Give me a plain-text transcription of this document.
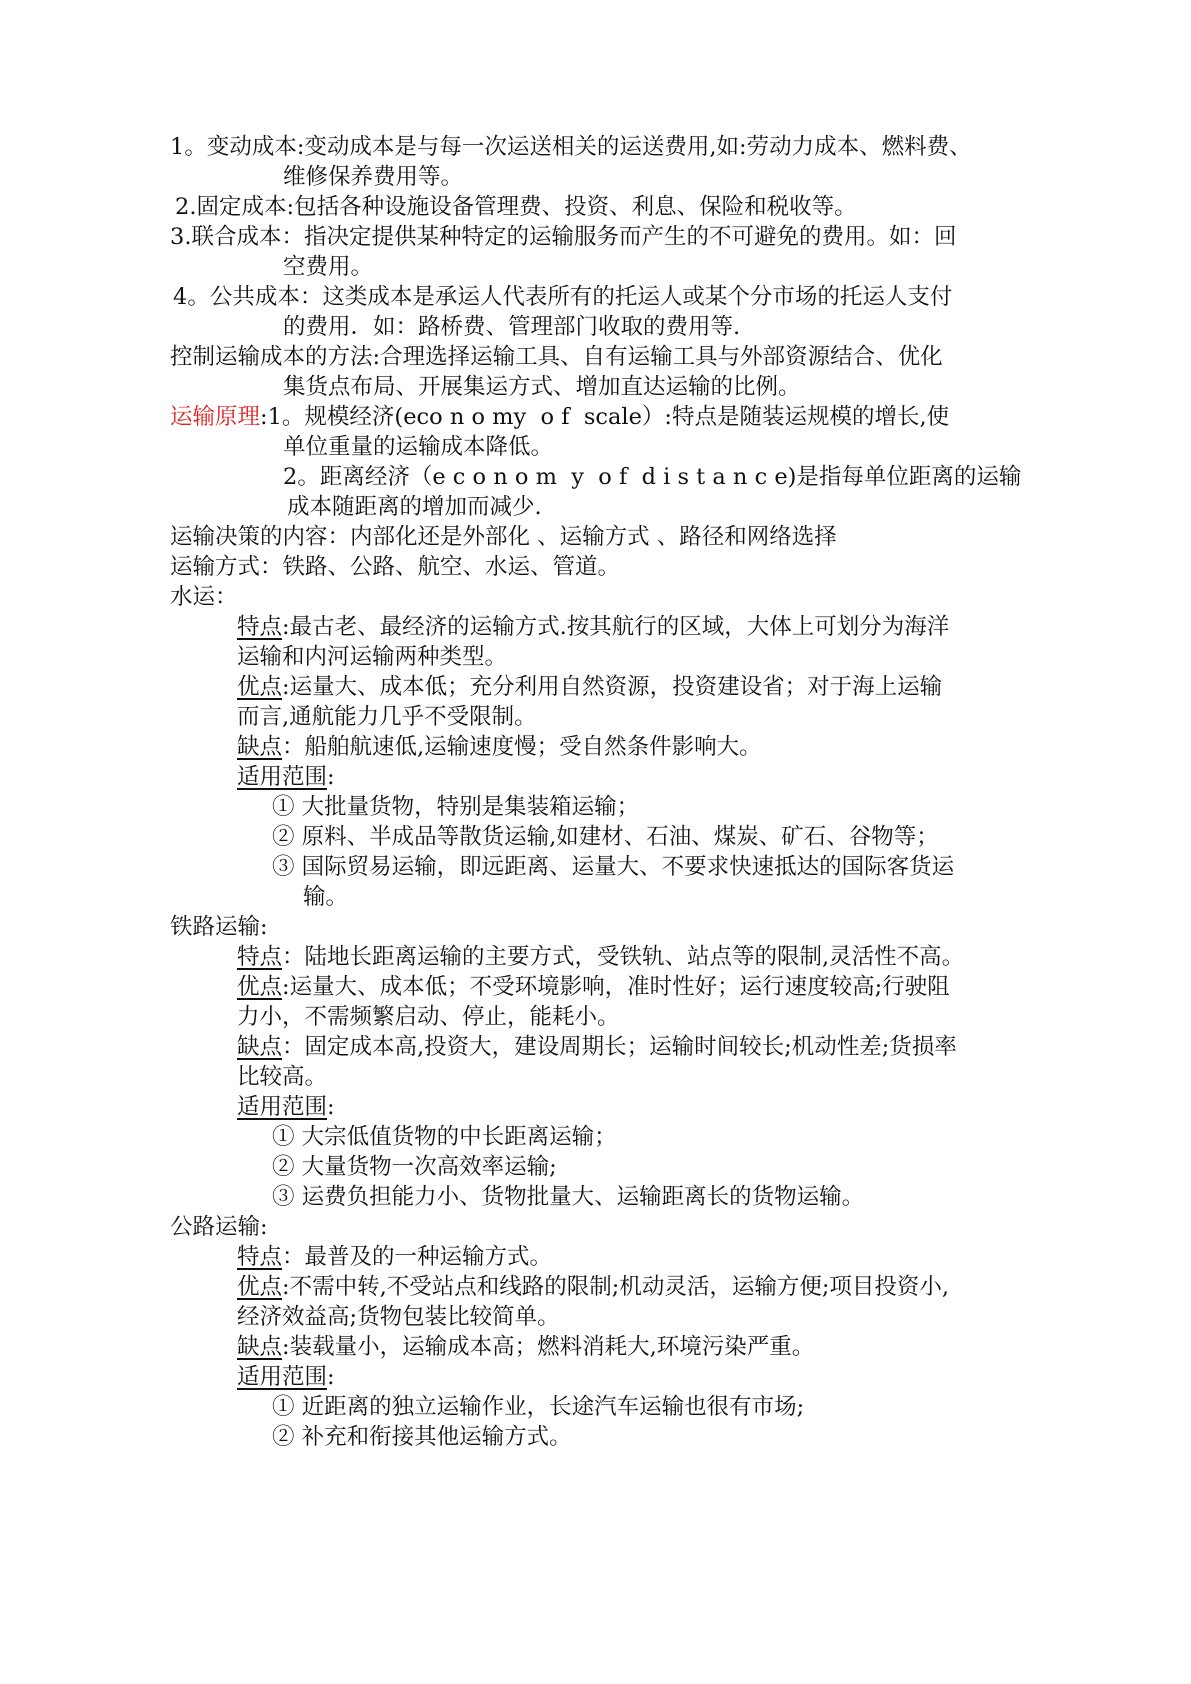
1。变动成本:变动成本是与每一次运送相关的运送费用,如:劳动力成本、燃料费、
维修保养费用等。
2.固定成本:包括各种设施设备管理费、投资、利息、保险和税收等。
3.联合成本：指决定提供某种特定的运输服务而产生的不可避免的费用。如：回
空费用。
4。公共成本：这类成本是承运人代表所有的托运人或某个分市场的托运人支付
的费用．如：路桥费、管理部门收取的费用等.
控制运输成本的方法:合理选择运输工具、自有运输工具与外部资源结合、优化
集货点布局、开展集运方式、增加直达运输的比例。
运输原理:1。规模经济(eco n o my  o f  scale）:特点是随装运规模的增长,使
单位重量的运输成本降低。
2。距离经济（e c o n o m  y  o f  d i s t a n c e)是指每单位距离的运输
成本随距离的增加而减少.
运输决策的内容：内部化还是外部化 、运输方式 、路径和网络选择
运输方式：铁路、公路、航空、水运、管道。
水运：
特点:最古老、最经济的运输方式.按其航行的区域，大体上可划分为海洋
运输和内河运输两种类型。
优点:运量大、成本低；充分利用自然资源，投资建设省；对于海上运输
而言,通航能力几乎不受限制。
缺点：船舶航速低,运输速度慢；受自然条件影响大。
适用范围:
① 大批量货物，特别是集装箱运输；
② 原料、半成品等散货运输,如建材、石油、煤炭、矿石、谷物等；
③ 国际贸易运输，即远距离、运量大、不要求快速抵达的国际客货运
输。
铁路运输:
特点：陆地长距离运输的主要方式，受铁轨、站点等的限制,灵活性不高。
优点:运量大、成本低；不受环境影响，准时性好；运行速度较高;行驶阻
力小，不需频繁启动、停止，能耗小。
缺点：固定成本高,投资大，建设周期长；运输时间较长;机动性差;货损率
比较高。
适用范围:
① 大宗低值货物的中长距离运输；
② 大量货物一次高效率运输;
③ 运费负担能力小、货物批量大、运输距离长的货物运输。
公路运输:
特点：最普及的一种运输方式。
优点:不需中转,不受站点和线路的限制;机动灵活，运输方便;项目投资小,
经济效益高;货物包装比较简单。
缺点:装载量小，运输成本高；燃料消耗大,环境污染严重。
适用范围:
① 近距离的独立运输作业，长途汽车运输也很有市场;
② 补充和衔接其他运输方式。
